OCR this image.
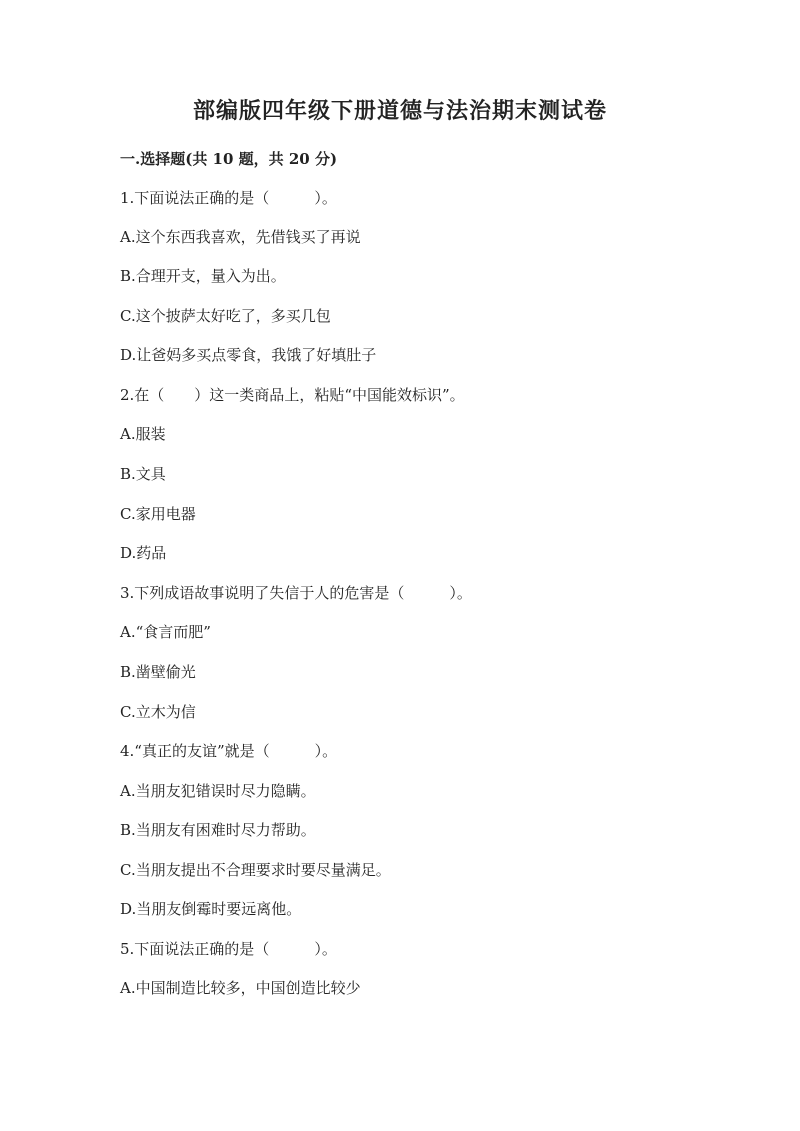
部编版四年级下册道德与法治期末测试卷
一.选择题(共 10 题，共 20 分)
1.下面说法正确的是（　　　）。
A.这个东西我喜欢，先借钱买了再说
B.合理开支，量入为出。
C.这个披萨太好吃了，多买几包
D.让爸妈多买点零食，我饿了好填肚子
2.在（　　）这一类商品上，粘贴“中国能效标识”。
A.服装
B.文具
C.家用电器
D.药品
3.下列成语故事说明了失信于人的危害是（　　　）。
A.“食言而肥”
B.凿壁偷光
C.立木为信
4.“真正的友谊”就是（　　　）。
A.当朋友犯错误时尽力隐瞒。
B.当朋友有困难时尽力帮助。
C.当朋友提出不合理要求时要尽量满足。
D.当朋友倒霉时要远离他。
5.下面说法正确的是（　　　）。
A.中国制造比较多，中国创造比较少
